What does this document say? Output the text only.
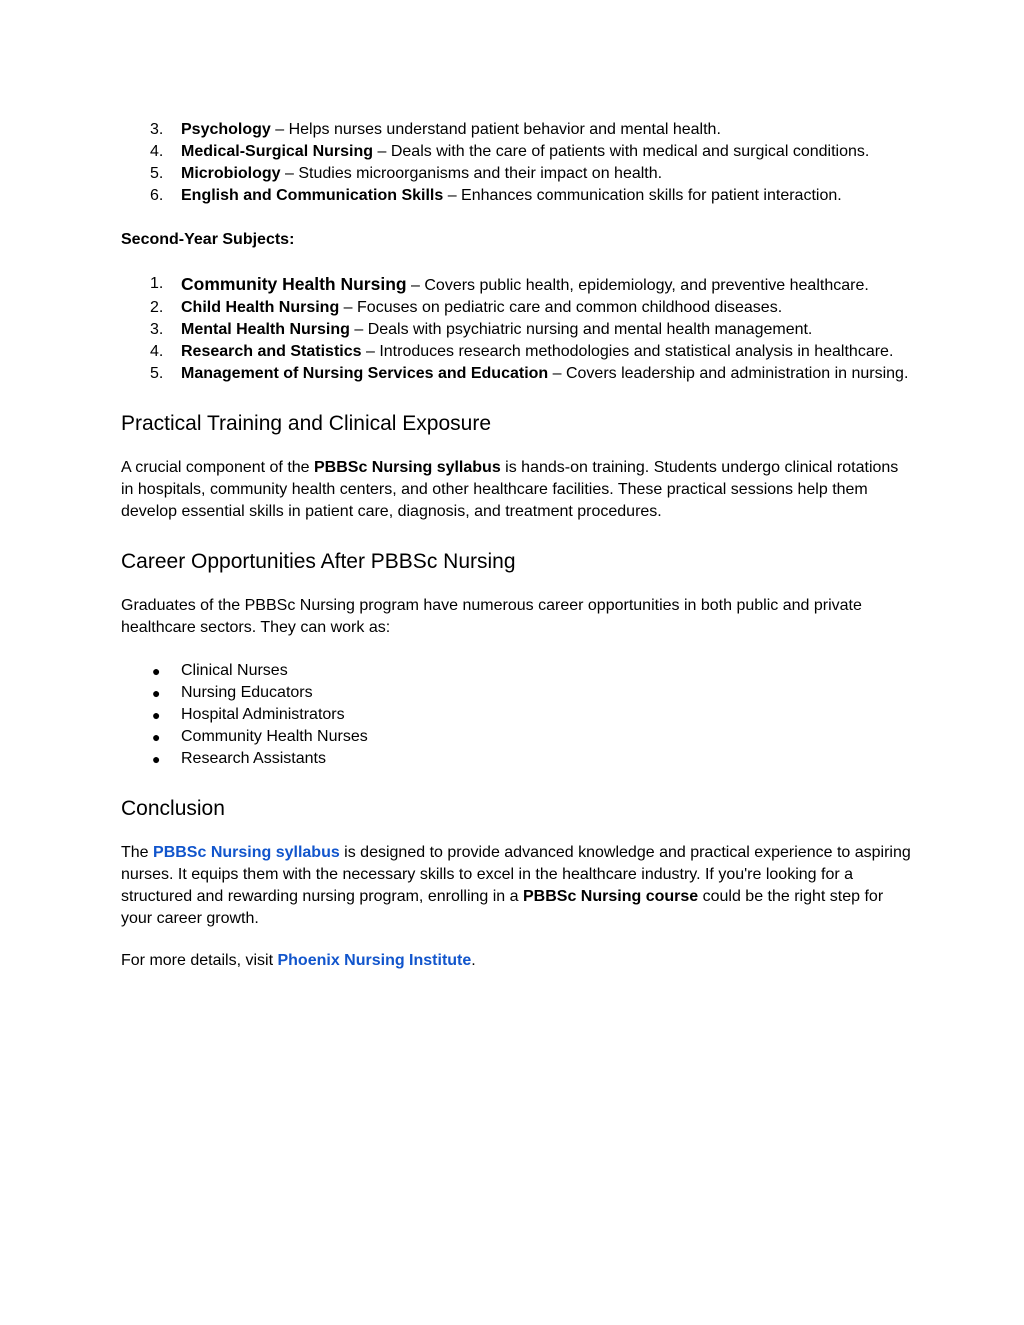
3. Psychology – Helps nurses understand patient behavior and mental health.
4. Medical-Surgical Nursing – Deals with the care of patients with medical and surgical conditions.
5. Microbiology – Studies microorganisms and their impact on health.
6. English and Communication Skills – Enhances communication skills for patient interaction.

Second-Year Subjects:

1. Community Health Nursing – Covers public health, epidemiology, and preventive healthcare.
2. Child Health Nursing – Focuses on pediatric care and common childhood diseases.
3. Mental Health Nursing – Deals with psychiatric nursing and mental health management.
4. Research and Statistics – Introduces research methodologies and statistical analysis in healthcare.
5. Management of Nursing Services and Education – Covers leadership and administration in nursing.
Practical Training and Clinical Exposure

A crucial component of the PBBSc Nursing syllabus is hands-on training. Students undergo clinical rotations in hospitals, community health centers, and other healthcare facilities. These practical sessions help them develop essential skills in patient care, diagnosis, and treatment procedures.

Career Opportunities After PBBSc Nursing

Graduates of the PBBSc Nursing program have numerous career opportunities in both public and private healthcare sectors. They can work as:

● Clinical Nurses
● Nursing Educators
● Hospital Administrators
● Community Health Nurses
● Research Assistants
Conclusion

The PBBSc Nursing syllabus is designed to provide advanced knowledge and practical experience to aspiring nurses. It equips them with the necessary skills to excel in the healthcare industry. If you're looking for a structured and rewarding nursing program, enrolling in a PBBSc Nursing course could be the right step for your career growth.

For more details, visit Phoenix Nursing Institute.
